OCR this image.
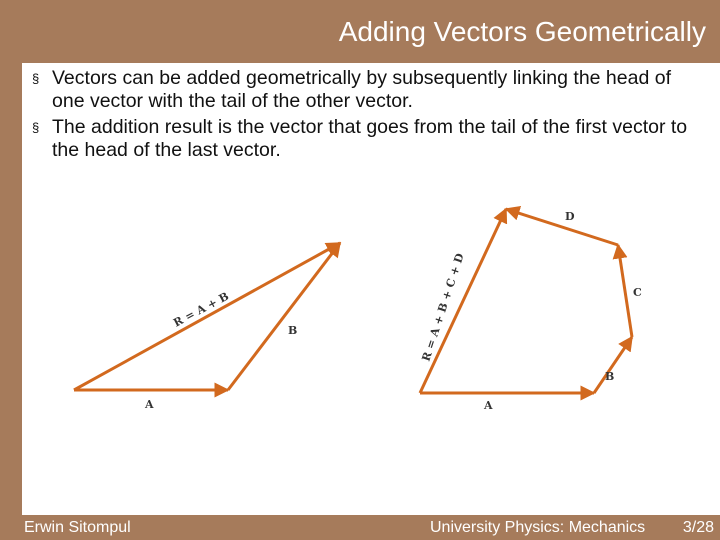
Adding Vectors Geometrically
§ Vectors can be added geometrically by subsequently linking the head of one vector with the tail of the other vector.
§ The addition result is the vector that goes from the tail of the first vector to the head of the last vector.
A
B
R = A + B
A
B
C
D
R = A + B + C + D
Erwin Sitompul	University Physics: Mechanics 3/28
